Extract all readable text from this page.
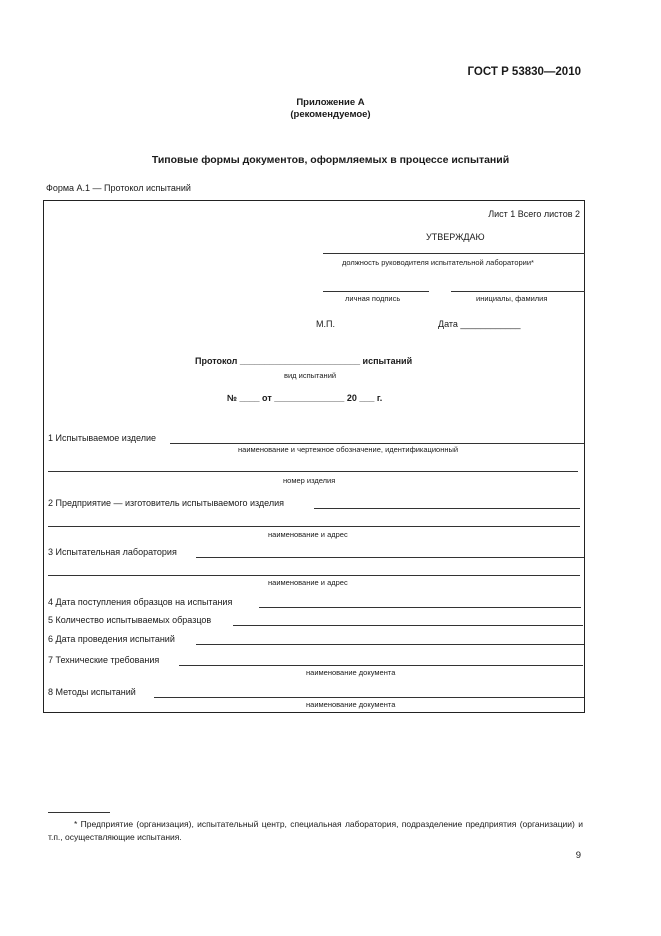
ГОСТ Р 53830—2010
Приложение А
(рекомендуемое)
Типовые формы документов, оформляемых в процессе испытаний
Форма А.1 — Протокол испытаний
Лист 1 Всего листов 2
УТВЕРЖДАЮ
должность руководителя испытательной лаборатории*
личная подпись	инициалы, фамилия
М.П.	Дата ____________
Протокол ________________________ испытаний
вид испытаний
№ ____ от ______________ 20 ___ г.
1 Испытываемое изделие
наименование и чертежное обозначение, идентификационный
номер изделия
2 Предприятие — изготовитель испытываемого изделия
наименование и адрес
3 Испытательная лаборатория
наименование и адрес
4 Дата поступления образцов на испытания
5 Количество испытываемых образцов
6 Дата проведения испытаний
7 Технические требования
наименование документа
8 Методы испытаний
наименование документа
* Предприятие (организация), испытательный центр, специальная лаборатория, подразделение предприятия (организации) и т.п., осуществляющие испытания.
9
